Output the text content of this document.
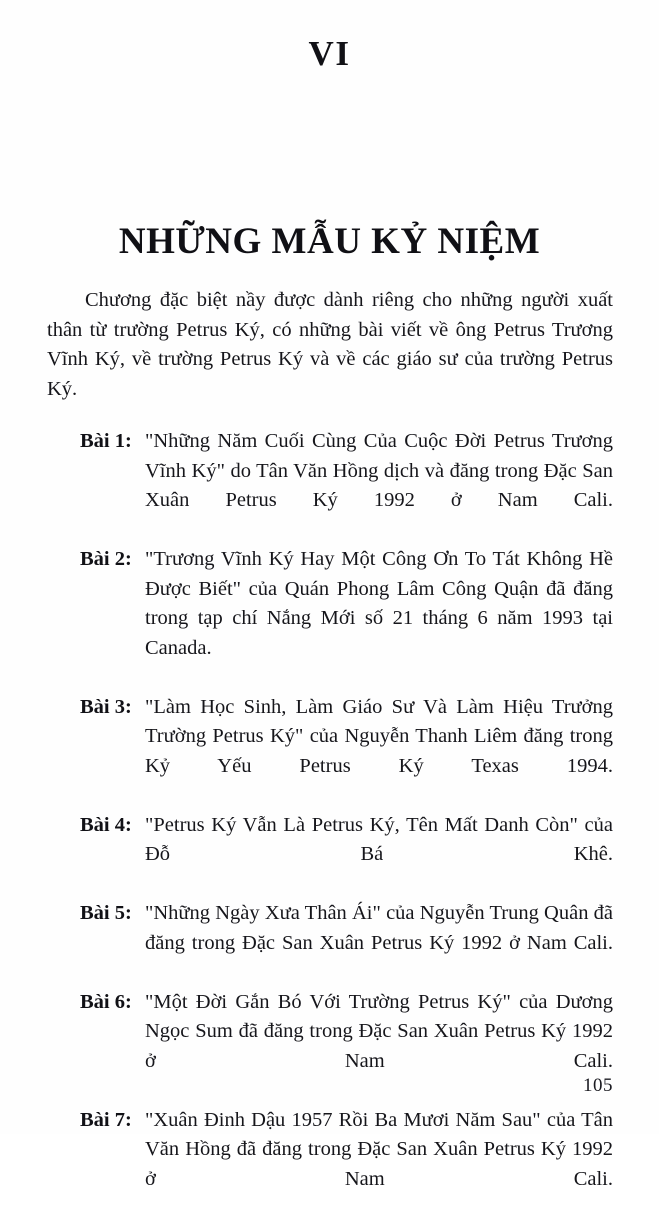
VI
NHỮNG MẪU KỶ NIỆM

Chương đặc biệt nầy được dành riêng cho những người xuất thân từ trường Petrus Ký, có những bài viết về ông Petrus Trương Vĩnh Ký, về trường Petrus Ký và về các giáo sư của trường Petrus Ký.

Bài 1: "Những Năm Cuối Cùng Của Cuộc Đời Petrus Trương Vĩnh Ký" do Tân Văn Hồng dịch và đăng trong Đặc San Xuân Petrus Ký 1992 ở Nam Cali.
Bài 2: "Trương Vĩnh Ký Hay Một Công Ơn To Tát Không Hề Được Biết" của Quán Phong Lâm Công Quận đã đăng trong tạp chí Nắng Mới số 21 tháng 6 năm 1993 tại Canada.
Bài 3: "Làm Học Sinh, Làm Giáo Sư Và Làm Hiệu Trưởng Trường Petrus Ký" của Nguyễn Thanh Liêm đăng trong Kỷ Yếu Petrus Ký Texas 1994.
Bài 4: "Petrus Ký Vẫn Là Petrus Ký, Tên Mất Danh Còn" của Đỗ Bá Khê.
Bài 5: "Những Ngày Xưa Thân Ái" của Nguyễn Trung Quân đã đăng trong Đặc San Xuân Petrus Ký 1992 ở Nam Cali.
Bài 6: "Một Đời Gắn Bó Với Trường Petrus Ký" của Dương Ngọc Sum đã đăng trong Đặc San Xuân Petrus Ký 1992 ở Nam Cali.
Bài 7: "Xuân Đinh Dậu 1957 Rồi Ba Mươi Năm Sau" của Tân Văn Hồng đã đăng trong Đặc San Xuân Petrus Ký 1992 ở Nam Cali.
105
